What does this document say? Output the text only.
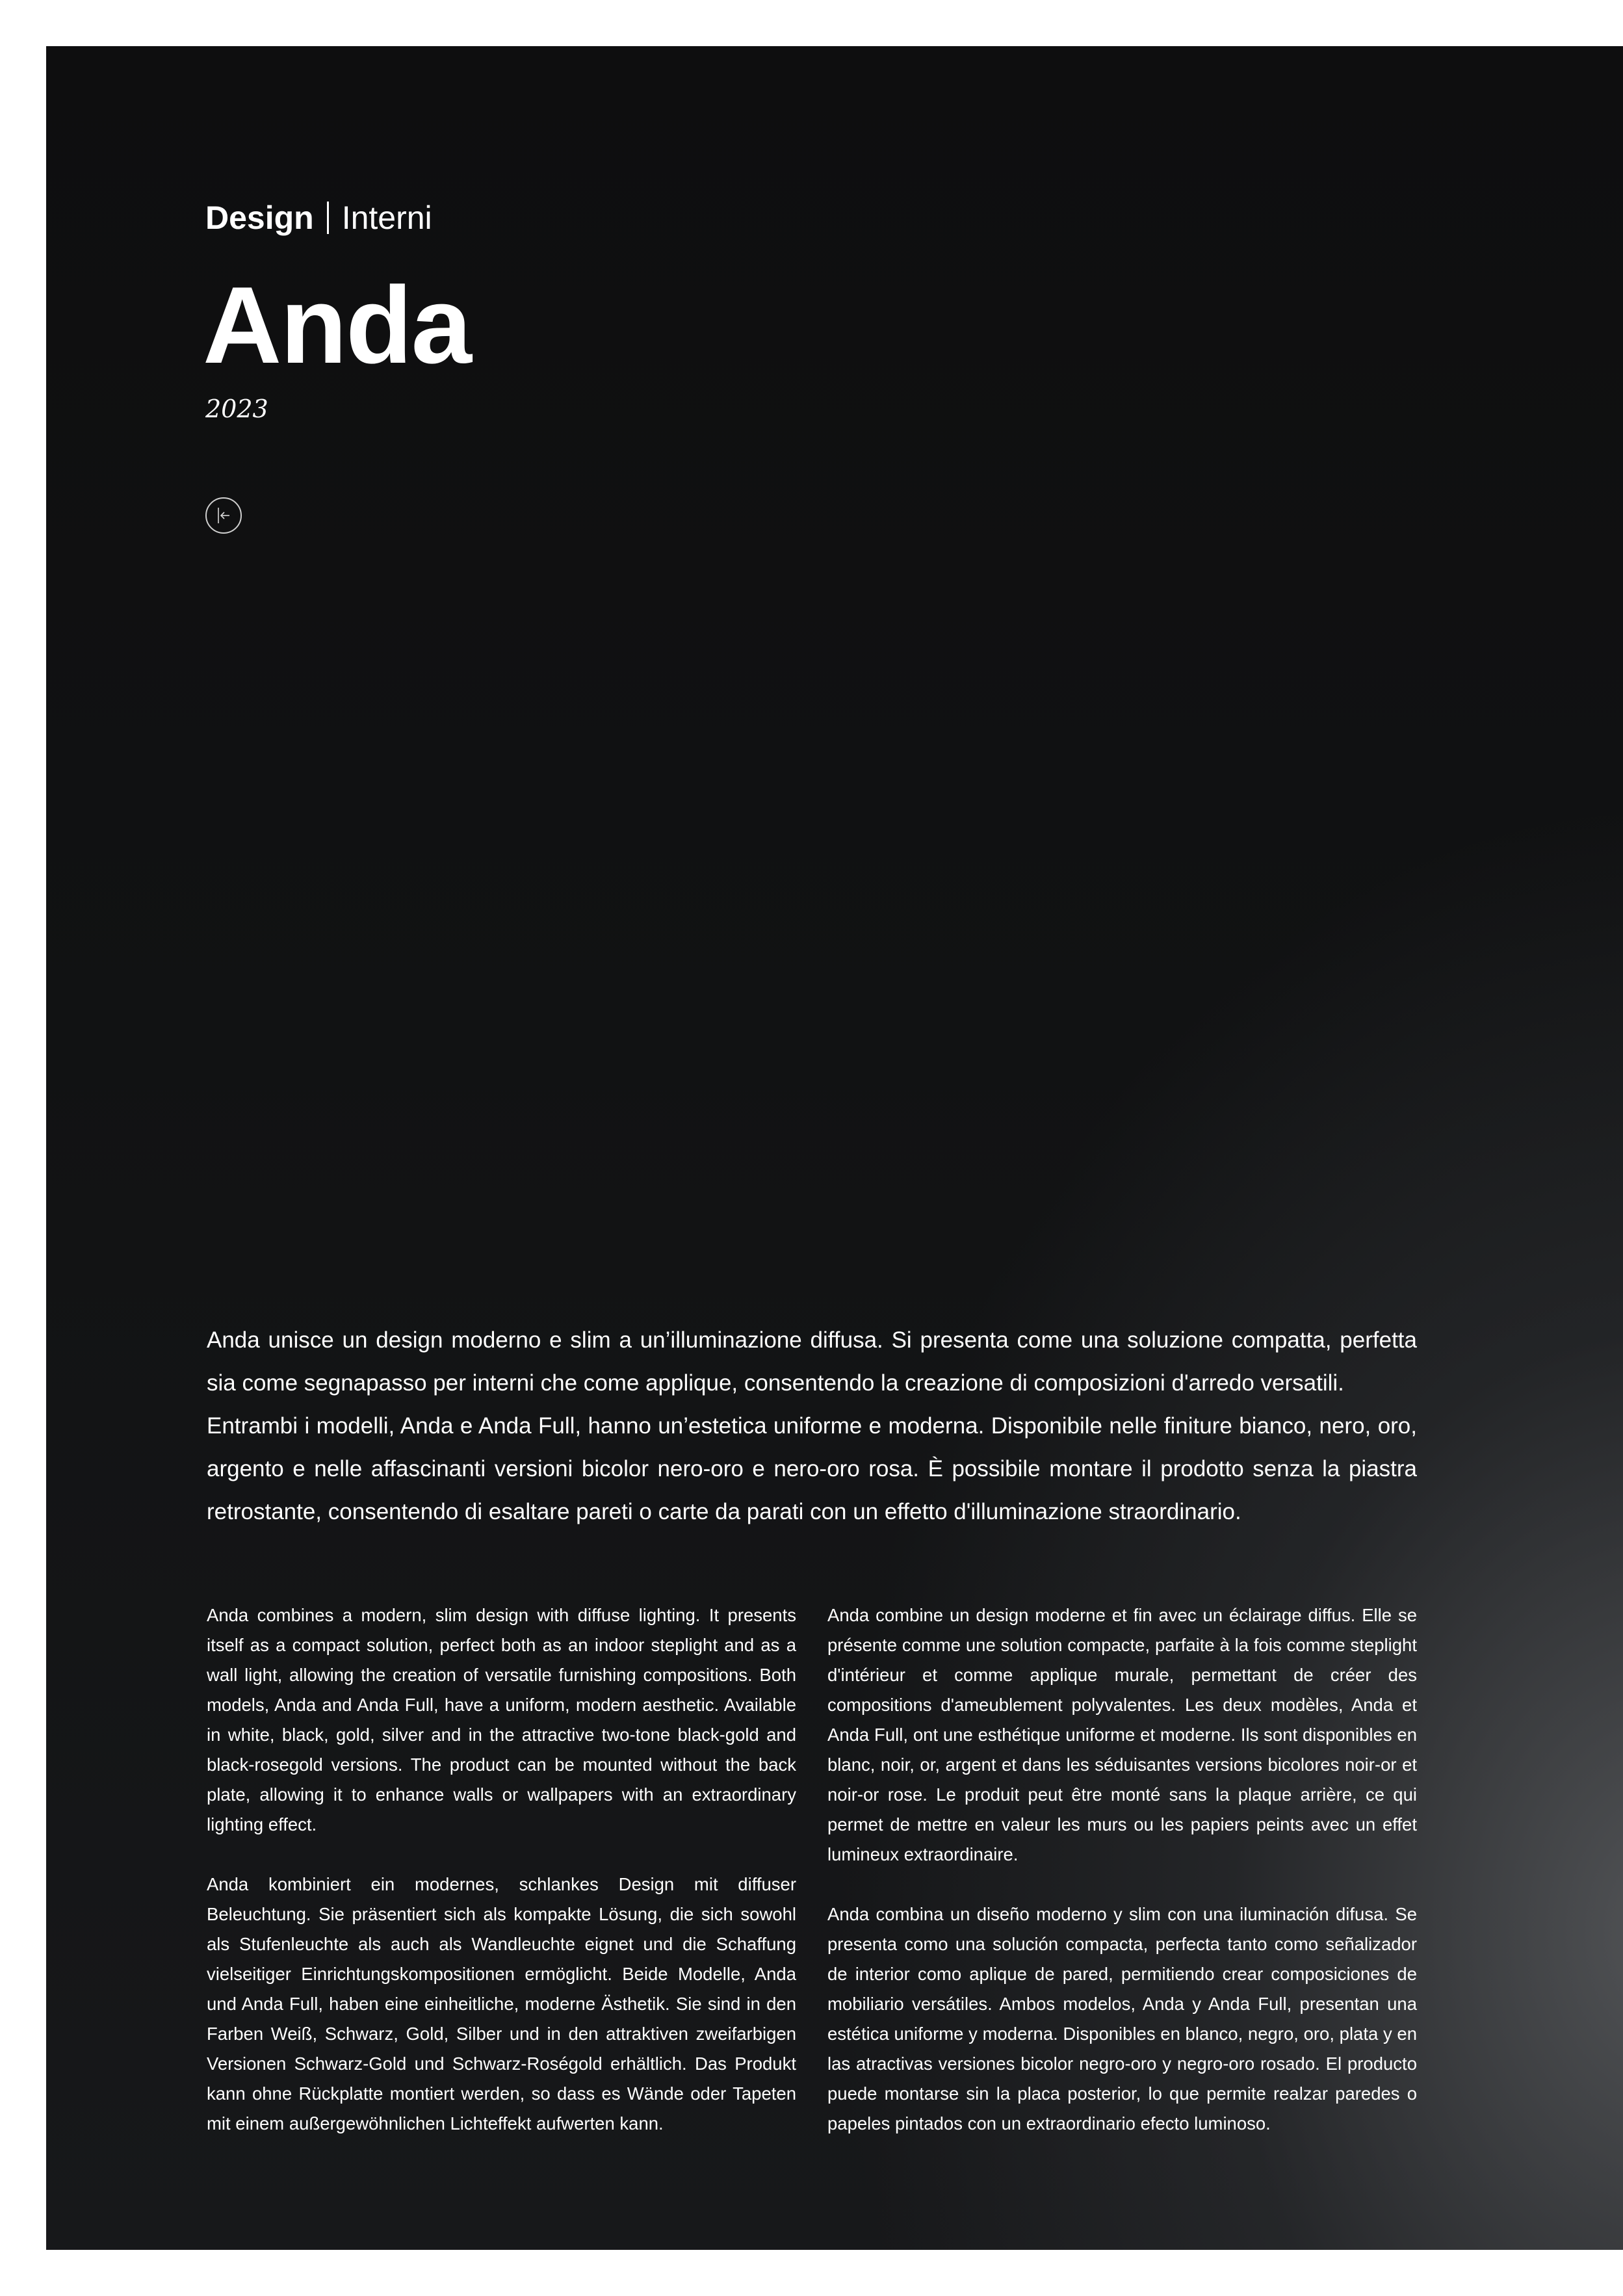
Design Interni
Anda
2023

Anda unisce un design moderno e slim a un’illuminazione diffusa. Si presenta come una soluzione compatta, perfetta sia come segnapasso per interni che come applique, consentendo la creazione di composizioni d'arredo versatili.

Entrambi i modelli, Anda e Anda Full, hanno un’estetica uniforme e moderna. Disponibile nelle finiture bianco, nero, oro, argento e nelle affascinanti versioni bicolor nero-oro e nero-oro rosa. È possibile montare il prodotto senza la piastra retrostante, consentendo di esaltare pareti o carte da parati con un effetto d'illuminazione straordinario.

Anda combines a modern, slim design with diffuse lighting. It presents itself as a compact solution, perfect both as an indoor steplight and as a wall light, allowing the creation of versatile furnishing compositions. Both models, Anda and Anda Full, have a uniform, modern aesthetic. Available in white, black, gold, silver and in the attractive two-tone black-gold and black-rosegold versions. The product can be mounted without the back plate, allowing it to enhance walls or wallpapers with an extraordinary lighting effect.

Anda kombiniert ein modernes, schlankes Design mit diffuser Beleuchtung. Sie präsentiert sich als kompakte Lösung, die sich sowohl als Stufenleuchte als auch als Wandleuchte eignet und die Schaffung vielseitiger Einrichtungskompositionen ermöglicht. Beide Modelle, Anda und Anda Full, haben eine einheitliche, moderne Ästhetik. Sie sind in den Farben Weiß, Schwarz, Gold, Silber und in den attraktiven zweifarbigen Versionen Schwarz-Gold und Schwarz-Roségold erhältlich. Das Produkt kann ohne Rückplatte montiert werden, so dass es Wände oder Tapeten mit einem außergewöhnlichen Lichteffekt aufwerten kann.

Anda combine un design moderne et fin avec un éclairage diffus. Elle se présente comme une solution compacte, parfaite à la fois comme steplight d'intérieur et comme applique murale, permettant de créer des compositions d'ameublement polyvalentes. Les deux modèles, Anda et Anda Full, ont une esthétique uniforme et moderne. Ils sont disponibles en blanc, noir, or, argent et dans les séduisantes versions bicolores noir-or et noir-or rose. Le produit peut être monté sans la plaque arrière, ce qui permet de mettre en valeur les murs ou les papiers peints avec un effet lumineux extraordinaire.

Anda combina un diseño moderno y slim con una iluminación difusa. Se presenta como una solución compacta, perfecta tanto como señalizador de interior como aplique de pared, permitiendo crear composiciones de mobiliario versátiles. Ambos modelos, Anda y Anda Full, presentan una estética uniforme y moderna. Disponibles en blanco, negro, oro, plata y en las atractivas versiones bicolor negro-oro y negro-oro rosado. El producto puede montarse sin la placa posterior, lo que permite realzar paredes o papeles pintados con un extraordinario efecto luminoso.
